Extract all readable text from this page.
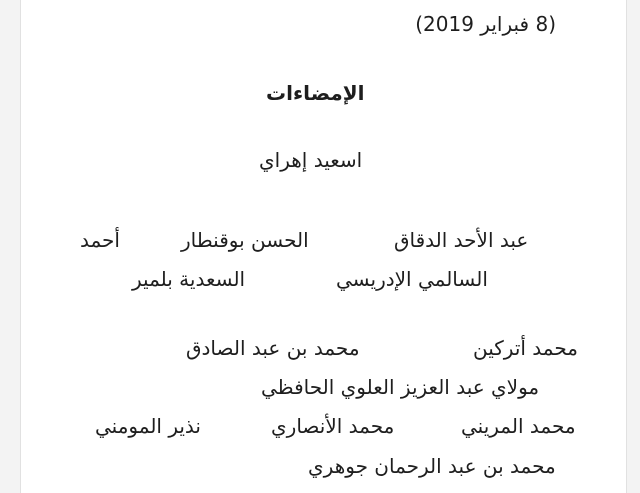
(8 فبراير 2019)
الإمضاءات
اسعيد إهراي
عبد الأحد الدقاق
الحسن بوقنطار
أحمد
السالمي الإدريسي
السعدية بلمير
محمد أتركين
محمد بن عبد الصادق
مولاي عبد العزيز العلوي الحافظي
محمد المريني
محمد الأنصاري
نذير المومني
محمد بن عبد الرحمان جوهري
